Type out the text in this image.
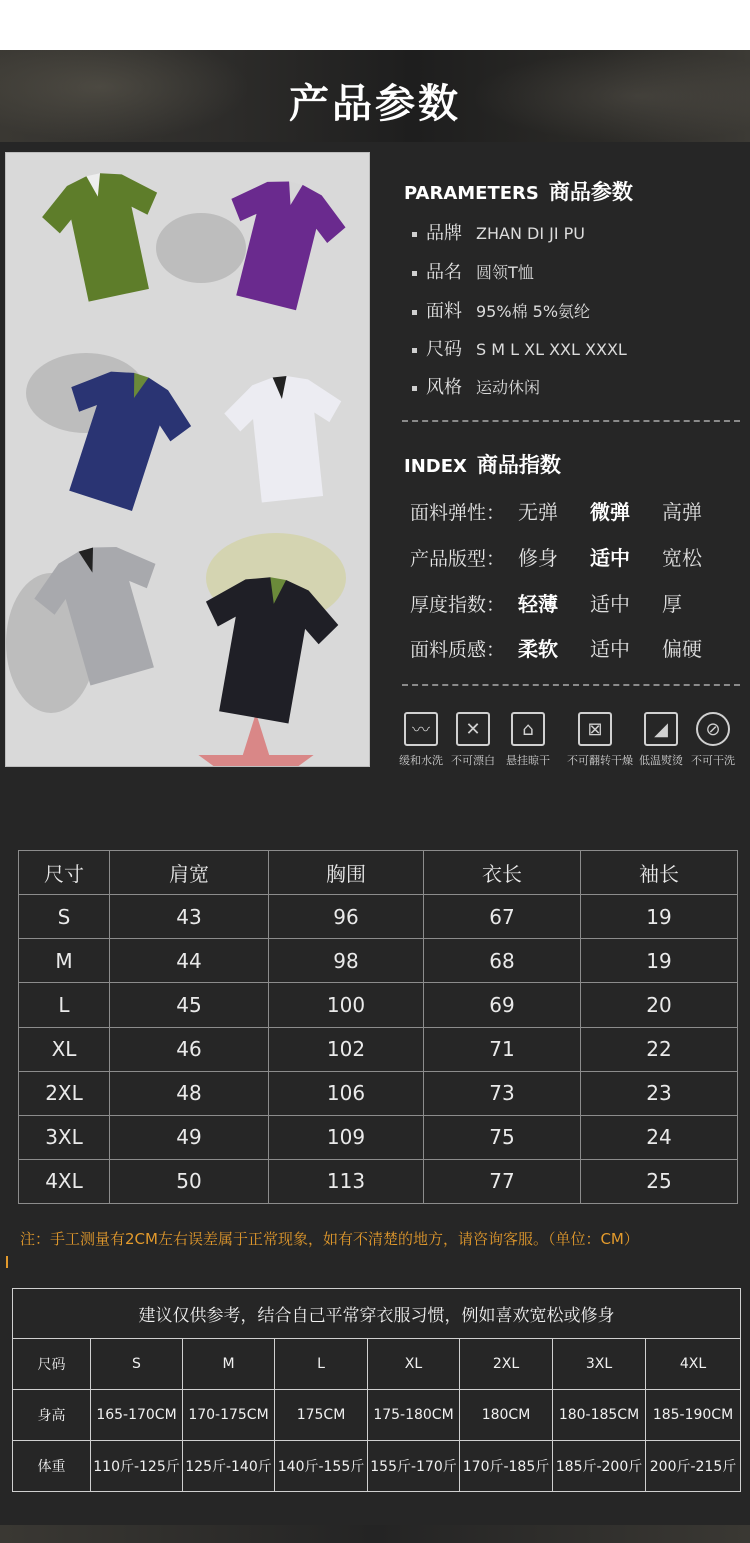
产品参数
PARAMETERS 商品参数
品牌 ZHAN DI JI PU
品名 圆领T恤
面料 95%棉 5%氨纶
尺码 S M L XL XXL XXXL
风格 运动休闲
INDEX 商品指数
面料弹性： 无弹 微弹 高弹
产品版型： 修身 适中 宽松
厚度指数： 轻薄 适中 厚
面料质感： 柔软 适中 偏硬
〰
缓和水洗
✕
不可漂白
⌂
悬挂晾干
⊠
不可翻转干燥
◢
低温熨烫
⊘
不可干洗
尺寸	肩宽	胸围	衣长	袖长
S	43	96	67	19
M	44	98	68	19
L	45	100	69	20
XL	46	102	71	22
2XL	48	106	73	23
3XL	49	109	75	24
4XL	50	113	77	25
注：手工测量有2CM左右误差属于正常现象，如有不清楚的地方，请咨询客服。（单位：CM）
建议仅供参考，结合自己平常穿衣服习惯，例如喜欢宽松或修身							
尺码	S	M	L	XL	2XL	3XL	4XL
身高	165-170CM	170-175CM	175CM	175-180CM	180CM	180-185CM	185-190CM
体重	110斤-125斤	125斤-140斤	140斤-155斤	155斤-170斤	170斤-185斤	185斤-200斤	200斤-215斤
